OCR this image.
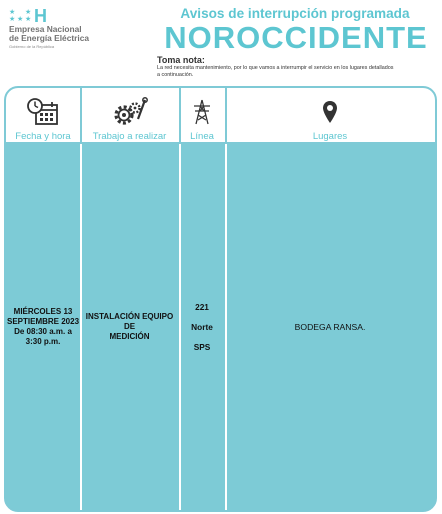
★ ★
★ ★ ★ H
Empresa Nacional
de Energía Eléctrica
Gobierno de la República
Avisos de interrupción programada
NOROCCIDENTE
Toma nota:
La red necesita mantenimiento, por lo que vamos a interrumpir el servicio en los lugares detallados a continuación.
Fecha y hora Trabajo a realizar	Línea	Lugares
MIÉRCOLES 13
SEPTIEMBRE 2023
De 08:30 a.m. a
3:30 p.m.
INSTALACIÓN EQUIPO DE
MEDICIÓN
221
Norte
SPS
BODEGA RANSA.
